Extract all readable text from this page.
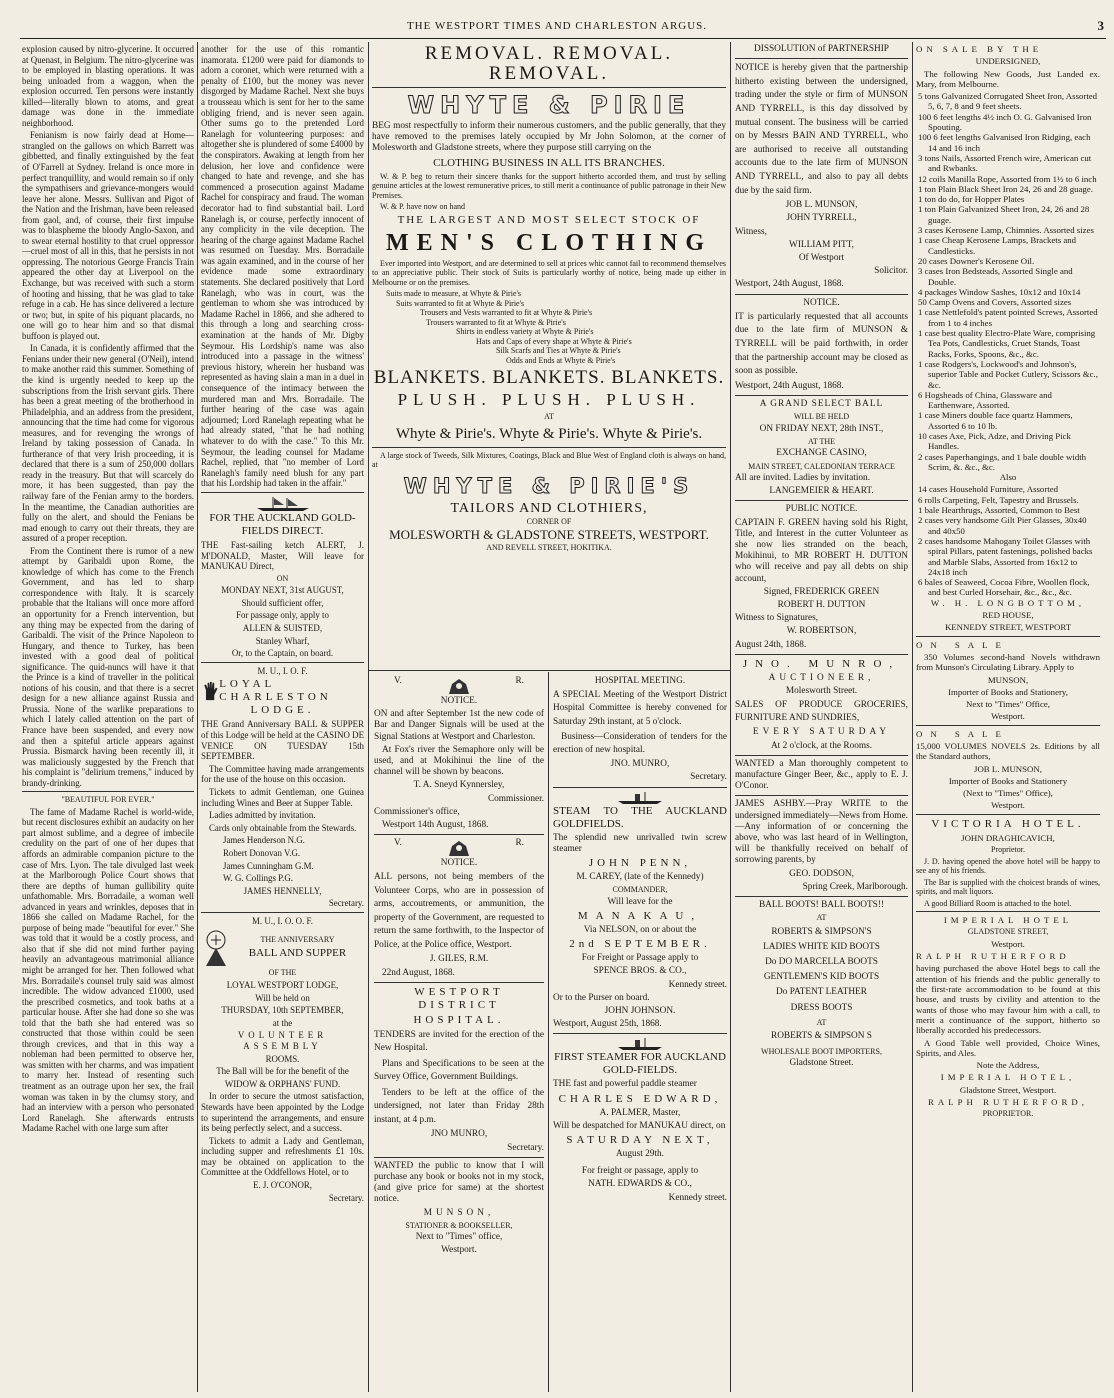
THE WESTPORT TIMES AND CHARLESTON ARGUS.	3

explosion caused by nitro-glycerine. It occurred at Quenast, in Belgium. The nitro-glycerine was to be employed in blasting operations. It was being unloaded from a waggon, when the explosion occurred. Ten persons were instantly killed—literally blown to atoms, and great damage was done in the immediate neighborhood.

Fenianism is now fairly dead at Home—strangled on the gallows on which Barrett was gibbetted, and finally extinguished by the feat of O'Farrell at Sydney. Ireland is once more in perfect tranquillity, and would remain so if only the sympathisers and grievance-mongers would leave her alone. Messrs. Sullivan and Pigot of the Nation and the Irishman, have been released from gaol, and, of course, their first impulse was to blaspheme the bloody Anglo-Saxon, and to swear eternal hostility to that cruel oppressor—cruel most of all in this, that he persists in not oppressing. The notorious George Francis Train appeared the other day at Liverpool on the Exchange, but was received with such a storm of hooting and hissing, that he was glad to take refuge in a cab. He has since delivered a lecture or two; but, in spite of his piquant placards, no one will go to hear him and so that dismal buffoon is played out.

In Canada, it is confidently affirmed that the Fenians under their new general (O'Neil), intend to make another raid this summer. Something of the kind is urgently needed to keep up the subscriptions from the Irish servant girls. There has been a great meeting of the brotherhood in Philadelphia, and an address from the president, announcing that the time had come for vigorous measures, and for revenging the wrongs of Ireland by taking possession of Canada. In furtherance of that very Irish proceeding, it is declared that there is a sum of 250,000 dollars ready in the treasury. But that will scarcely do more, it has been suggested, than pay the railway fare of the Fenian army to the borders. In the meantime, the Canadian authorities are fully on the alert, and should the Fenians be mad enough to carry out their threats, they are assured of a proper reception.

From the Continent there is rumor of a new attempt by Garibaldi upon Rome, the knowledge of which has come to the French Government, and has led to sharp correspondence with Italy. It is scarcely probable that the Italians will once more afford an opportunity for a French intervention, but any thing may be expected from the daring of Garibaldi. The visit of the Prince Napoleon to Hungary, and thence to Turkey, has been invested with a good deal of political significance. The quid-nuncs will have it that the Prince is a kind of traveller in the political notions of his cousin, and that there is a secret design for a new alliance against Russia and Prussia. None of the warlike preparations to which I lately called attention on the part of France have been suspended, and every now and then a spiteful article appears against Prussia. Bismarck having been recently ill, it was maliciously suggested by the French that his complaint is "delirium tremens," induced by brandy-drinking.

"BEAUTIFUL FOR EVER."

The fame of Madame Rachel is world-wide, but recent disclosures exhibit an audacity on her part almost sublime, and a degree of imbecile credulity on the part of one of her dupes that affords an admirable companion picture to the case of Mrs. Lyon. The tale divulged last week at the Marlborough Police Court shows that there are depths of human gullibility quite unfathomable. Mrs. Borradaile, a woman well advanced in years and wrinkles, deposes that in 1866 she called on Madame Rachel, for the purpose of being made "beautiful for ever." She was told that it would be a costly process, and also that if she did not mind further paying heavily an advantageous matrimonial alliance might be arranged for her. Then followed what Mrs. Borradaile's counsel truly said was almost incredible. The widow advanced £1000, used the prescribed cosmetics, and took baths at a particular house. After she had done so she was told that the bath she had entered was so constructed that those within could be seen through crevices, and that in this way a nobleman had been permitted to observe her, was smitten with her charms, and was impatient to marry her. Instead of resenting such treatment as an outrage upon her sex, the frail woman was taken in by the clumsy story, and had an interview with a person who personated Lord Ranelagh. She afterwards entrusts Madame Rachel with one large sum after

another for the use of this romantic inamorata. £1200 were paid for diamonds to adorn a coronet, which were returned with a penalty of £100, but the money was never disgorged by Madame Rachel. Next she buys a trousseau which is sent for her to the same obliging friend, and is never seen again. Other sums go to the pretended Lord Ranelagh for volunteering purposes: and altogether she is plundered of some £4000 by the conspirators. Awaking at length from her delusion, her love and confidence were changed to hate and revenge, and she has commenced a prosecution against Madame Rachel for conspiracy and fraud. The woman decorator had to find substantial bail. Lord Ranelagh is, or course, perfectly innocent of any complicity in the vile deception. The hearing of the charge against Madame Rachel was resumed on Tuesday. Mrs. Borradaile was again examined, and in the course of her evidence made some extraordinary statements. She declared positively that Lord Ranelagh, who was in court, was the gentleman to whom she was introduced by Madame Rachel in 1866, and she adhered to this through a long and searching cross-examination at the hands of Mr. Digby Seymour. His Lordship's name was also introduced into a passage in the witness' previous history, wherein her husband was represented as having slain a man in a duel in consequence of the intimacy between the murdered man and Mrs. Borradaile. The further hearing of the case was again adjourned; Lord Ranelagh repeating what he had already stated, "that he had nothing whatever to do with the case." To this Mr. Seymour, the leading counsel for Madame Rachel, replied, that "no member of Lord Ranelagh's family need blush for any part that his Lordship had taken in the affair."

FOR THE AUCKLAND GOLD-FIELDS DIRECT.

THE Fast-sailing ketch ALERT, J. M'DONALD, Master, Will leave for MANUKAU Direct,

ON

MONDAY NEXT, 31st AUGUST,

Should sufficient offer,

For passage only, apply to

ALLEN & SUISTED,

Stanley Wharf,

Or, to the Captain, on board.

M. U., I. O. F.

LOYAL CHARLESTON

LODGE.

THE Grand Anniversary BALL & SUPPER of this Lodge will be held at the CASINO DE VENICE ON TUESDAY 15th SEPTEMBER.

The Committee having made arrangements for the use of the house on this occasion.

Tickets to admit Gentleman, one Guinea including Wines and Beer at Supper Table.

Ladies admitted by invitation.

Cards only obtainable from the Stewards.

James Henderson N.G.

Robert Donovan V.G.

James Cunningham G.M.

W. G. Collings P.G.

JAMES HENNELLY,

Secretary.

M. U., I. O. O. F.

THE ANNIVERSARY

BALL AND SUPPER

OF THE

LOYAL WESTPORT LODGE,

Will be held on

THURSDAY, 10th SEPTEMBER,

at the

VOLUNTEER ASSEMBLY

ROOMS.

The Ball will be for the benefit of the

WIDOW & ORPHANS' FUND.

In order to secure the utmost satisfaction, Stewards have been appointed by the Lodge to superintend the arrangements, and ensure its being perfectly select, and a success.

Tickets to admit a Lady and Gentleman, including supper and refreshments £1 10s. may be obtained on application to the Committee at the Oddfellows Hotel, or to

E. J. O'CONOR,

Secretary.

REMOVAL. REMOVAL. REMOVAL.

WHYTE & PIRIE

BEG most respectfully to inform their numerous customers, and the public generally, that they have removed to the premises lately occupied by Mr John Solomon, at the corner of Molesworth and Gladstone streets, where they purpose still carrying on the

CLOTHING BUSINESS IN ALL ITS BRANCHES.

W. & P. beg to return their sincere thanks for the support hitherto accorded them, and trust by selling genuine articles at the lowest remunerative prices, to still merit a continuance of public patronage in their New Premises.

W. & P. have now on hand

THE LARGEST AND MOST SELECT STOCK OF

MEN'S CLOTHING

Ever imported into Westport, and are determined to sell at prices whic cannot fail to recommend themselves to an appreciative public. Their stock of Suits is particularly worthy of notice, being made up either in Melbourne or on the premises.

Suits made to measure, at Whyte & Pirie's
Suits warranted to fit at Whyte & Pirie's
Trousers and Vests warranted to fit at Whyte & Pirie's
Trousers warranted to fit at Whyte & Pirie's
Shirts in endless variety at Whyte & Pirie's
Hats and Caps of every shape at Whyte & Pirie's
Silk Scarfs and Ties at Whyte & Pirie's
Odds and Ends at Whyte & Pirie's

BLANKETS. BLANKETS. BLANKETS.

PLUSH. PLUSH. PLUSH.

AT

Whyte & Pirie's. Whyte & Pirie's. Whyte & Pirie's.

A large stock of Tweeds, Silk Mixtures, Coatings, Black and Blue West of England cloth is always on hand, at

WHYTE & PIRIE'S

TAILORS AND CLOTHIERS,

CORNER OF

MOLESWORTH & GLADSTONE STREETS, WESTPORT.

AND REVELL STREET, HOKITIKA.

V.	R.

NOTICE.

ON and after September 1st the new code of Bar and Danger Signals will be used at the Signal Stations at Westport and Charleston.

At Fox's river the Semaphore only will be used, and at Mokihinui the line of the channel will be shown by beacons.

T. A. Sneyd Kynnersley,

Commissioner.

Commissioner's office,

Westport 14th August, 1868.

V.	R.

NOTICE.

ALL persons, not being members of the Volunteer Corps, who are in possession of arms, accoutrements, or ammunition, the property of the Government, are requested to return the same forthwith, to the Inspector of Police, at the Police office, Westport.

J. GILES, R.M.

22nd August, 1868.

WESTPORT DISTRICT

HOSPITAL.

TENDERS are invited for the erection of the New Hospital.

Plans and Specifications to be seen at the Survey Office, Government Buildings.

Tenders to be left at the office of the undersigned, not later than Friday 28th instant, at 4 p.m.

JNO MUNRO,

Secretary.

WANTED the public to know that I will purchase any book or books not in my stock, (and give price for same) at the shortest notice.

MUNSON,

STATIONER & BOOKSELLER,

Next to "Times" office,

Westport.

HOSPITAL MEETING.

A SPECIAL Meeting of the Westport District Hospital Committee is hereby convened for Saturday 29th instant, at 5 o'clock.

Business—Consideration of tenders for the erection of new hospital.

JNO. MUNRO,

Secretary.

STEAM TO THE AUCKLAND GOLDFIELDS.

The splendid new unrivalled twin screw steamer

JOHN PENN,

M. CAREY, (late of the Kennedy)

COMMANDER,

Will leave for the

MANAKAU,

Via NELSON, on or about the

2nd SEPTEMBER.

For Freight or Passage apply to

SPENCE BROS. & CO.,

Kennedy street.

Or to the Purser on board.

JOHN JOHNSON.

Westport, August 25th, 1868.

FIRST STEAMER FOR AUCKLAND GOLD-FIELDS.

THE fast and powerful paddle steamer

CHARLES EDWARD,

A. PALMER, Master,

Will be despatched for MANUKAU direct, on

SATURDAY NEXT,

August 29th.

For freight or passage, apply to

NATH. EDWARDS & CO.,

Kennedy street.

DISSOLUTION of PARTNERSHIP

NOTICE is hereby given that the partnership hitherto existing between the undersigned, trading under the style or firm of MUNSON AND TYRRELL, is this day dissolved by mutual consent. The business will be carried on by Messrs BAIN AND TYRRELL, who are authorised to receive all outstanding accounts due to the late firm of MUNSON AND TYRRELL, and also to pay all debts due by the said firm.

JOB L. MUNSON,

JOHN TYRRELL,

Witness,

WILLIAM PITT,

Of Westport

Solicitor.

Westport, 24th August, 1868.

NOTICE.

IT is particularly requested that all accounts due to the late firm of MUNSON & TYRRELL will be paid forthwith, in order that the partnership account may be closed as soon as possible.

Westport, 24th August, 1868.

A GRAND SELECT BALL

WILL BE HELD

ON FRIDAY NEXT, 28th INST.,

AT THE

EXCHANGE CASINO,

MAIN STREET, CALEDONIAN TERRACE

All are invited. Ladies by invitation.

LANGEMEIER & HEART.

PUBLIC NOTICE.

CAPTAIN F. GREEN having sold his Right, Title, and Interest in the cutter Volunteer as she now lies stranded on the beach, Mokihinui, to MR ROBERT H. DUTTON who will receive and pay all debts on ship account,

Signed, FREDERICK GREEN

ROBERT H. DUTTON

Witness to Signatures,

W. ROBERTSON,

August 24th, 1868.

JNO. MUNRO,

AUCTIONEER,

Molesworth Street.

SALES OF PRODUCE GROCERIES, FURNITURE AND SUNDRIES,

EVERY SATURDAY

At 2 o'clock, at the Rooms.

WANTED a Man thoroughly competent to manufacture Ginger Beer, &c., apply to E. J. O'Conor.

JAMES ASHBY.—Pray WRITE to the undersigned immediately—News from Home.—Any information of or concerning the above, who was last heard of in Wellington, will be thankfully received on behalf of sorrowing parents, by

GEO. DODSON,

Spring Creek, Marlborough.

BALL BOOTS! BALL BOOTS!!

AT

ROBERTS & SIMPSON'S

LADIES WHITE KID BOOTS

Do DO MARCELLA BOOTS

GENTLEMEN'S KID BOOTS

Do PATENT LEATHER

DRESS BOOTS

AT

ROBERTS & SIMPSON S

WHOLESALE BOOT IMPORTERS,

Gladstone Street.

ON SALE BY THE

UNDERSIGNED,

The following New Goods, Just Landed ex. Mary, from Melbourne.

5 tons Galvanized Corrugated Sheet Iron, Assorted 5, 6, 7, 8 and 9 feet sheets.

100 6 feet lengths 4½ inch O. G. Galvanised Iron Spouting.

100 6 feet lengths Galvanised Iron Ridging, each 14 and 16 inch

3 tons Nails, Assorted French wire, American cut and Rwbanks.

12 coils Manilla Rope, Assorted from 1½ to 6 inch

1 ton Plain Black Sheet Iron 24, 26 and 28 guage.

1 ton do do, for Hopper Plates

1 ton Plain Galvanized Sheet Iron, 24, 26 and 28 guage.

3 cases Kerosene Lamp, Chimnies. Assorted sizes

1 case Cheap Kerosene Lamps, Brackets and Candlesticks.

20 cases Downer's Kerosene Oil.

3 cases Iron Bedsteads, Assorted Single and Double.

4 packages Window Sashes, 10x12 and 10x14

50 Camp Ovens and Covers, Assorted sizes

1 case Nettlefold's patent pointed Screws, Assorted from 1 to 4 inches

1 case best quality Electro-Plate Ware, comprising Tea Pots, Candlesticks, Cruet Stands, Toast Racks, Forks, Spoons, &c., &c.

1 case Rodgers's, Lockwood's and Johnson's, superior Table and Pocket Cutlery, Scissors &c., &c.

6 Hogsheads of China, Glassware and Earthenware, Assorted.

1 case Miners double face quartz Hammers, Assorted 6 to 10 lb.

10 cases Axe, Pick, Adze, and Driving Pick Handles.

2 cases Paperhangings, and 1 bale double width Scrim, &. &c., &c.

Also

14 cases Household Furniture, Assorted

6 rolls Carpeting, Felt, Tapestry and Brussels.

1 bale Hearthrugs, Assorted, Common to Best

2 cases very handsome Gilt Pier Glasses, 30x40 and 40x50

2 cases handsome Mahogany Toilet Glasses with spiral Pillars, patent fastenings, polished backs and Marble Slabs, Assorted from 16x12 to 24x18 inch

6 bales of Seaweed, Cocoa Fibre, Woollen flock, and best Curled Horsehair, &c., &c., &c.

W. H. LONGBOTTOM,

RED HOUSE,

KENNEDY STREET, WESTPORT

ON SALE

350 Volumes second-hand Novels withdrawn from Munson's Circulating Library. Apply to

MUNSON,

Importer of Books and Stationery,

Next to "Times" Office,

Westport.

ON SALE

15,000 VOLUMES NOVELS 2s. Editions by all the Standard authors,

JOB L. MUNSON,

Importer of Books and Stationery

(Next to "Times" Office),

Westport.

VICTORIA HOTEL.

JOHN DRAGHICAVICH,

Proprietor.

J. D. having opened the above hotel will be happy to see any of his friends.

The Bar is supplied with the choicest brands of wines, spirits, and malt liquors.

A good Billiard Room is attached to the hotel.

IMPERIAL HOTEL

GLADSTONE STREET,

Westport.

RALPH RUTHERFORD

having purchased the above Hotel begs to call the attention of his friends and the public generally to the first-rate accommodation to be found at this house, and trusts by civility and attention to the wants of those who may favour him with a call, to merit a continuance of the support, hitherto so liberally accorded his predecessors.

A Good Table well provided, Choice Wines, Spirits, and Ales.

Note the Address,

IMPERIAL HOTEL,

Gladstone Street, Westport.

RALPH RUTHERFORD,

PROPRIETOR.
